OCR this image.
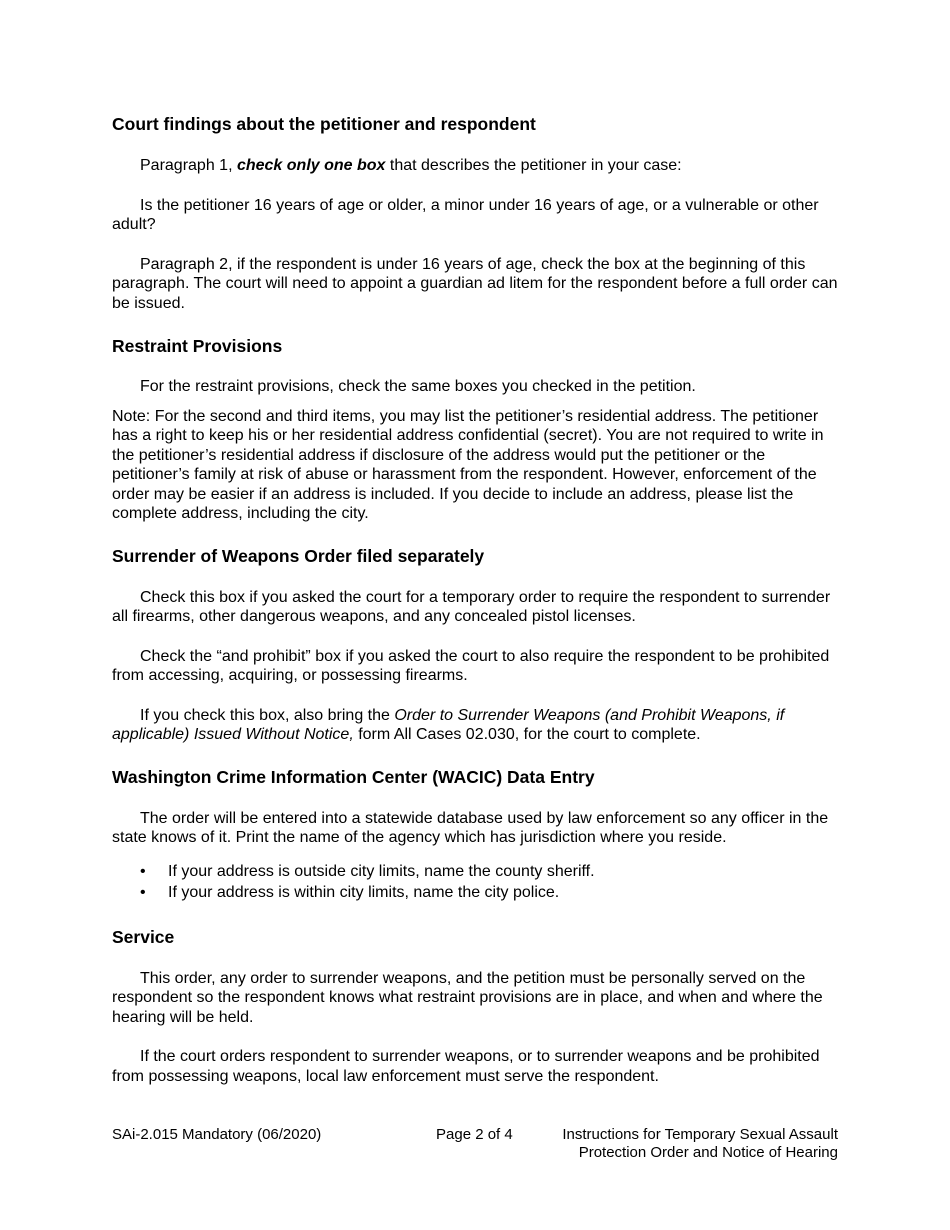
Court findings about the petitioner and respondent

Paragraph 1, check only one box that describes the petitioner in your case:

Is the petitioner 16 years of age or older, a minor under 16 years of age, or a vulnerable or other adult?

Paragraph 2, if the respondent is under 16 years of age, check the box at the beginning of this paragraph. The court will need to appoint a guardian ad litem for the respondent before a full order can be issued.

Restraint Provisions

For the restraint provisions, check the same boxes you checked in the petition.

Note: For the second and third items, you may list the petitioner’s residential address. The petitioner has a right to keep his or her residential address confidential (secret). You are not required to write in the petitioner’s residential address if disclosure of the address would put the petitioner or the petitioner’s family at risk of abuse or harassment from the respondent. However, enforcement of the order may be easier if an address is included. If you decide to include an address, please list the complete address, including the city.

Surrender of Weapons Order filed separately

Check this box if you asked the court for a temporary order to require the respondent to surrender all firearms, other dangerous weapons, and any concealed pistol licenses.

Check the “and prohibit” box if you asked the court to also require the respondent to be prohibited from accessing, acquiring, or possessing firearms.

If you check this box, also bring the Order to Surrender Weapons (and Prohibit Weapons, if applicable) Issued Without Notice, form All Cases 02.030, for the court to complete.

Washington Crime Information Center (WACIC) Data Entry

The order will be entered into a statewide database used by law enforcement so any officer in the state knows of it. Print the name of the agency which has jurisdiction where you reside.

• If your address is outside city limits, name the county sheriff.
• If your address is within city limits, name the city police.
Service

This order, any order to surrender weapons, and the petition must be personally served on the respondent so the respondent knows what restraint provisions are in place, and when and where the hearing will be held.

If the court orders respondent to surrender weapons, or to surrender weapons and be prohibited from possessing weapons, local law enforcement must serve the respondent.

SAi-2.015 Mandatory (06/2020)	Page 2 of 4	Instructions for Temporary Sexual Assault
Protection Order and Notice of Hearing
